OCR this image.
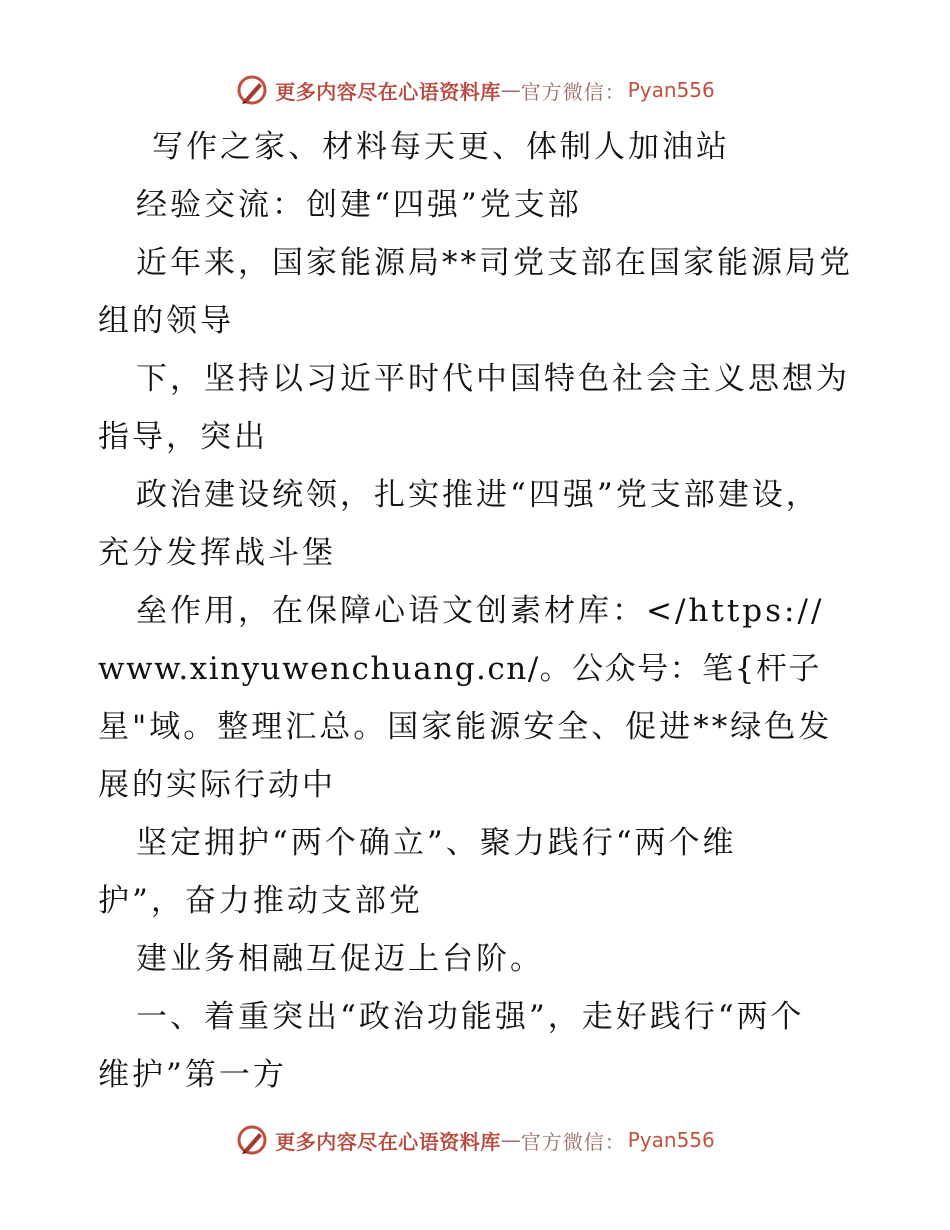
更多内容尽在心语资料库 — 官方微信： Pyan556
写作之家、材料每天更、体制人加油站
经验交流：创建“四强”党支部
近年来，国家能源局**司党支部在国家能源局党
组的领导
下，坚持以习近平时代中国特色社会主义思想为
指导，突出
政治建设统领，扎实推进“四强”党支部建设，
充分发挥战斗堡
垒作用，在保障心语文创素材库：</https://
www.xinyuwenchuang.cn/。公众号：笔{杆子
星"域。整理汇总。国家能源安全、促进**绿色发
展的实际行动中
坚定拥护“两个确立”、聚力践行“两个维
护”，奋力推动支部党
建业务相融互促迈上台阶。
一、着重突出“政治功能强”，走好践行“两个
维护”第一方
更多内容尽在心语资料库 — 官方微信： Pyan556
